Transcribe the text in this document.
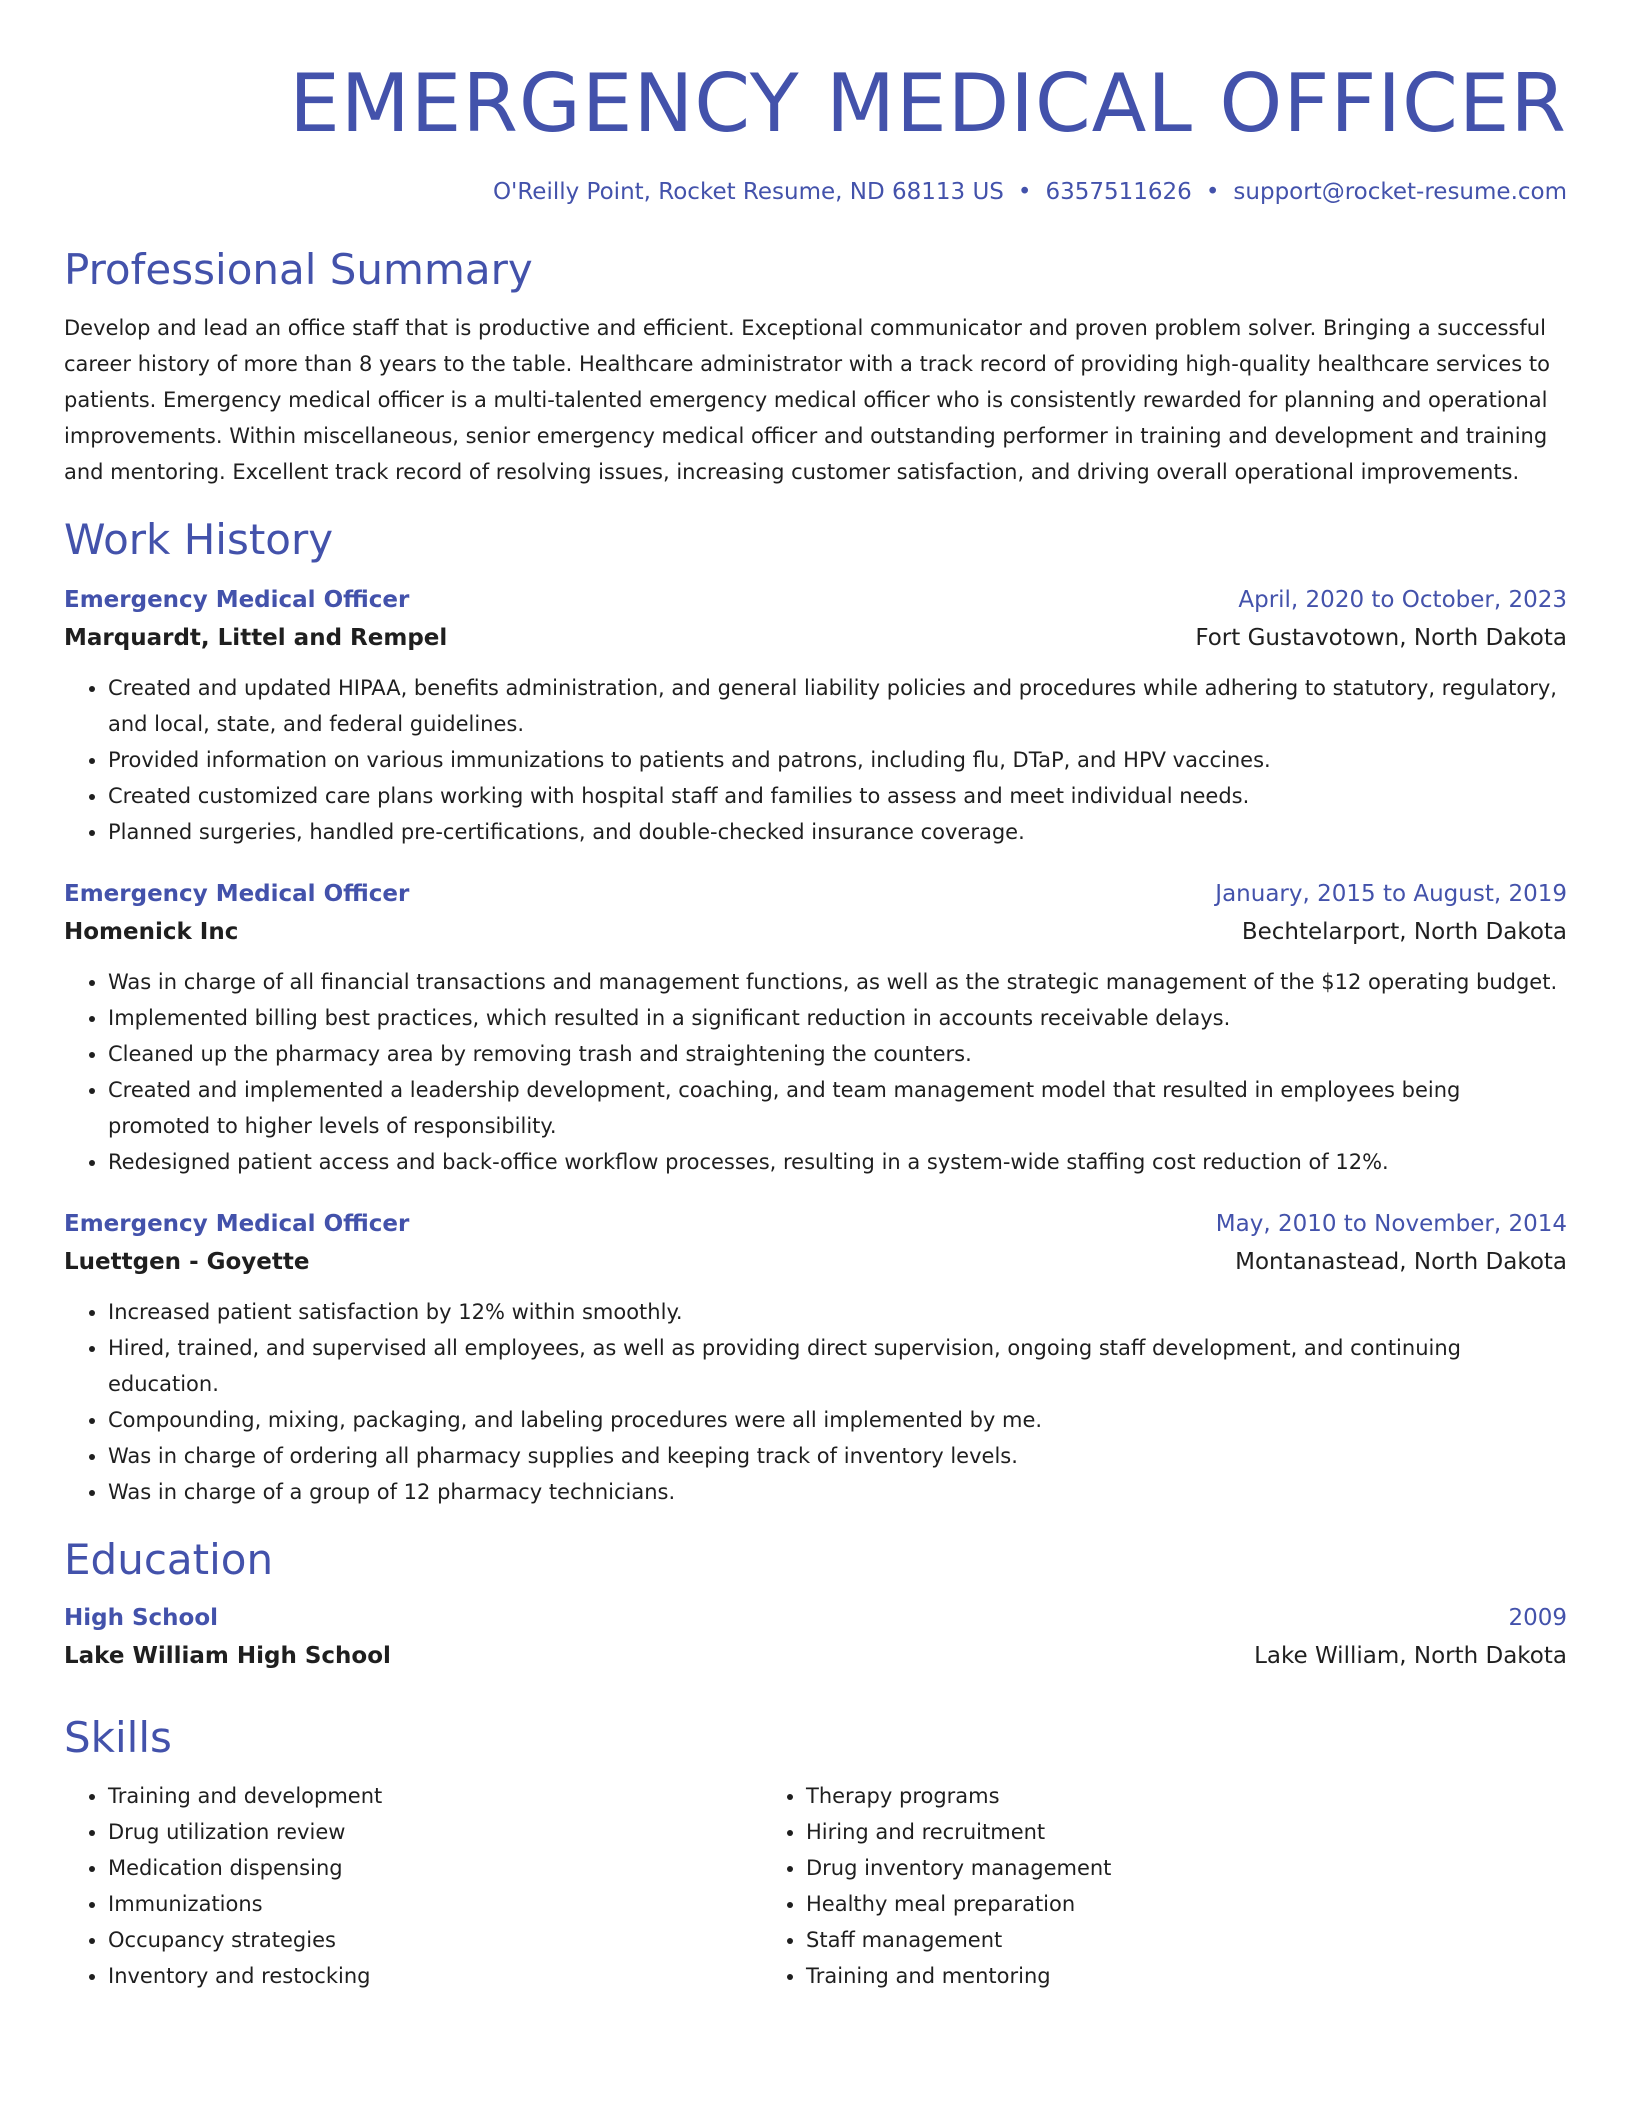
EMERGENCY MEDICAL OFFICER
O'Reilly Point, Rocket Resume, ND 68113 US • 6357511626 • support@rocket-resume.com
Professional Summary
Develop and lead an office staff that is productive and efficient. Exceptional communicator and proven problem solver. Bringing a successful career history of more than 8 years to the table. Healthcare administrator with a track record of providing high-quality healthcare services to patients. Emergency medical officer is a multi-talented emergency medical officer who is consistently rewarded for planning and operational improvements. Within miscellaneous, senior emergency medical officer and outstanding performer in training and development and training and mentoring. Excellent track record of resolving issues, increasing customer satisfaction, and driving overall operational improvements.
Work History
Emergency Medical Officer	April, 2020 to October, 2023
Marquardt, Littel and Rempel	Fort Gustavotown, North Dakota
• Created and updated HIPAA, benefits administration, and general liability policies and procedures while adhering to statutory, regulatory, and local, state, and federal guidelines.
• Provided information on various immunizations to patients and patrons, including flu, DTaP, and HPV vaccines.
• Created customized care plans working with hospital staff and families to assess and meet individual needs.
• Planned surgeries, handled pre-certifications, and double-checked insurance coverage.
Emergency Medical Officer	January, 2015 to August, 2019
Homenick Inc	Bechtelarport, North Dakota
• Was in charge of all financial transactions and management functions, as well as the strategic management of the $12 operating budget.
• Implemented billing best practices, which resulted in a significant reduction in accounts receivable delays.
• Cleaned up the pharmacy area by removing trash and straightening the counters.
• Created and implemented a leadership development, coaching, and team management model that resulted in employees being promoted to higher levels of responsibility.
• Redesigned patient access and back-office workflow processes, resulting in a system-wide staffing cost reduction of 12%.
Emergency Medical Officer	May, 2010 to November, 2014
Luettgen - Goyette	Montanastead, North Dakota
• Increased patient satisfaction by 12% within smoothly.
• Hired, trained, and supervised all employees, as well as providing direct supervision, ongoing staff development, and continuing education.
• Compounding, mixing, packaging, and labeling procedures were all implemented by me.
• Was in charge of ordering all pharmacy supplies and keeping track of inventory levels.
• Was in charge of a group of 12 pharmacy technicians.
Education
High School	2009
Lake William High School	Lake William, North Dakota
Skills
• Training and development
• Drug utilization review
• Medication dispensing
• Immunizations
• Occupancy strategies
• Inventory and restocking
• Therapy programs
• Hiring and recruitment
• Drug inventory management
• Healthy meal preparation
• Staff management
• Training and mentoring
